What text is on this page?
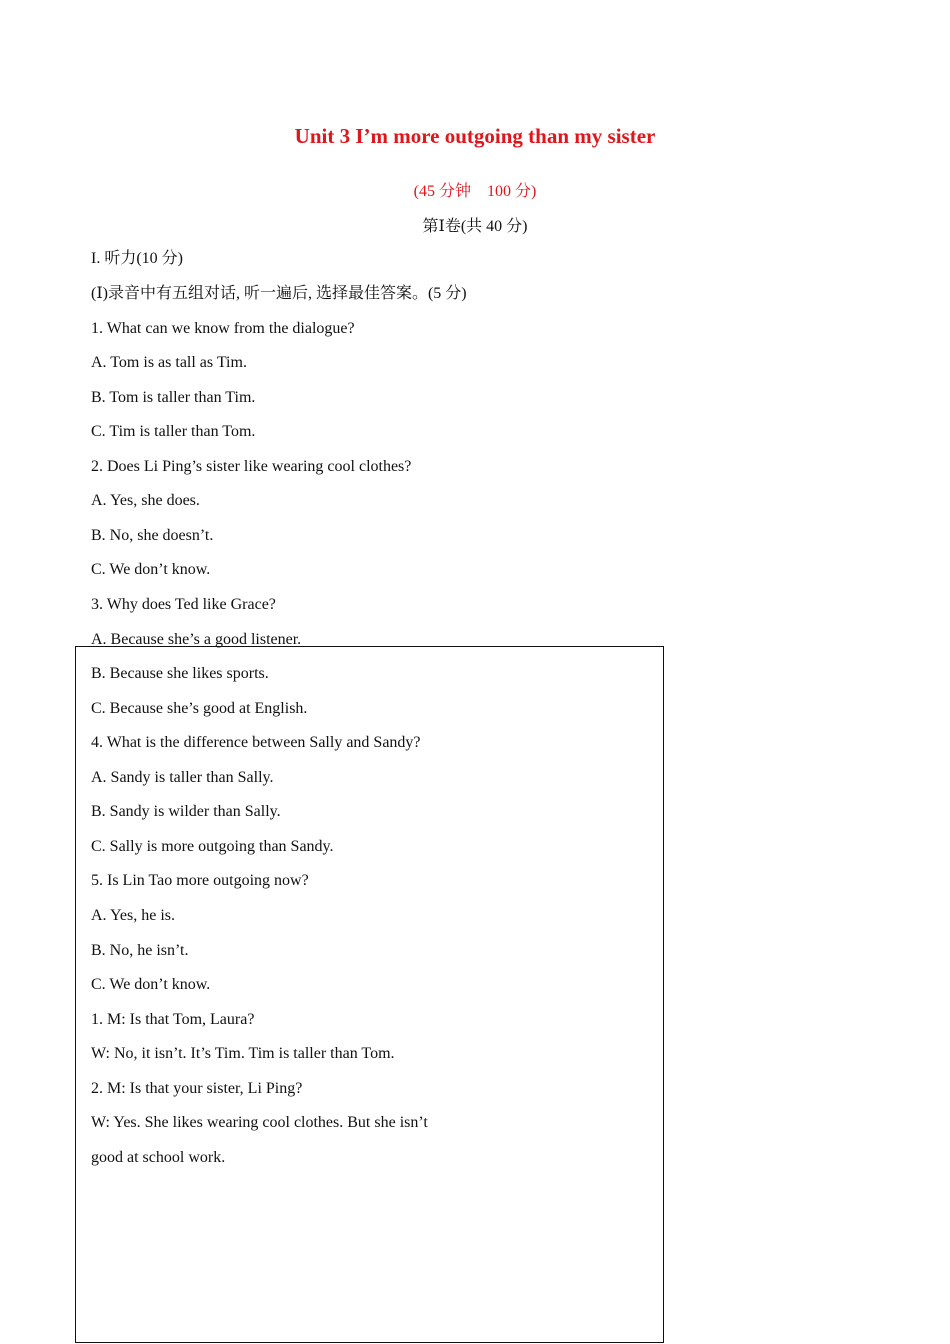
Unit 3 I’m more outgoing than my sister
(45 分钟    100 分)
第Ⅰ卷(共 40 分)
I. 听力(10 分)
(Ⅰ)录音中有五组对话, 听一遍后, 选择最佳答案。(5 分)
1. What can we know from the dialogue?
A. Tom is as tall as Tim.
B. Tom is taller than Tim.
C. Tim is taller than Tom.
2. Does Li Ping’s sister like wearing cool clothes?
A. Yes, she does.
B. No, she doesn’t.
C. We don’t know.
3. Why does Ted like Grace?
A. Because she’s a good listener.
B. Because she likes sports.
C. Because she’s good at English.
4. What is the difference between Sally and Sandy?
A. Sandy is taller than Sally.
B. Sandy is wilder than Sally.
C. Sally is more outgoing than Sandy.
5. Is Lin Tao more outgoing now?
A. Yes, he is.
B. No, he isn’t.
C. We don’t know.
1. M: Is that Tom, Laura?
W: No, it isn’t. It’s Tim. Tim is taller than Tom.
2. M: Is that your sister, Li Ping?
W: Yes. She likes wearing cool clothes. But she isn’t
good at school work.
